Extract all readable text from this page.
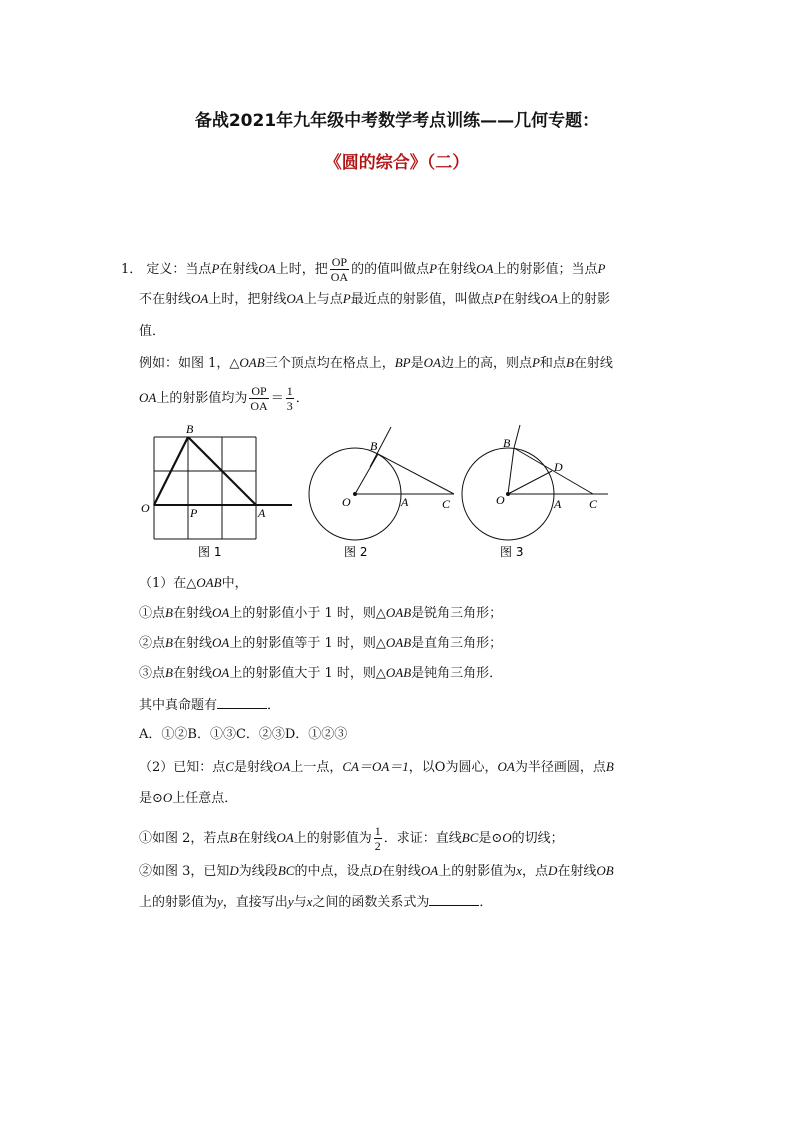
备战2021年九年级中考数学考点训练——几何专题：
《圆的综合》（二）
1． 定义：当点P在射线OA上时，把 $\frac{OP}{OA}$ 的的值叫做点P在射线OA上的射影值；当点P
不在射线OA上时，把射线OA上与点P最近点的射影值，叫做点P在射线OA上的射影
值．
例如：如图 1，△OAB三个顶点均在格点上，BP是OA边上的高，则点P和点B在射线
OA上的射影值均为 $\frac{OP}{OA} = \frac{1}{3}$ ．
B
O	P	A
图 1
B
O	A	C
图 2
B
D
O	A C
图 3
（1）在△OAB中，
①点B在射线OA上的射影值小于 1 时，则△OAB是锐角三角形；
②点B在射线OA上的射影值等于 1 时，则△OAB是直角三角形；
③点B在射线OA上的射影值大于 1 时，则△OAB是钝角三角形．
其中真命题有	．
A．①②B．①③C．②③D．①②③
（2）已知：点C是射线OA上一点，CA＝OA＝1，以O为圆心，OA为半径画圆，点B
是⊙O上任意点．
①如图 2，若点B在射线OA上的射影值为 $\frac{1}{2}$ ．求证：直线BC是⊙O的切线；
②如图 3，已知D为线段BC的中点，设点D在射线OA上的射影值为x，点D在射线OB
上的射影值为y，直接写出y与x之间的函数关系式为	．
